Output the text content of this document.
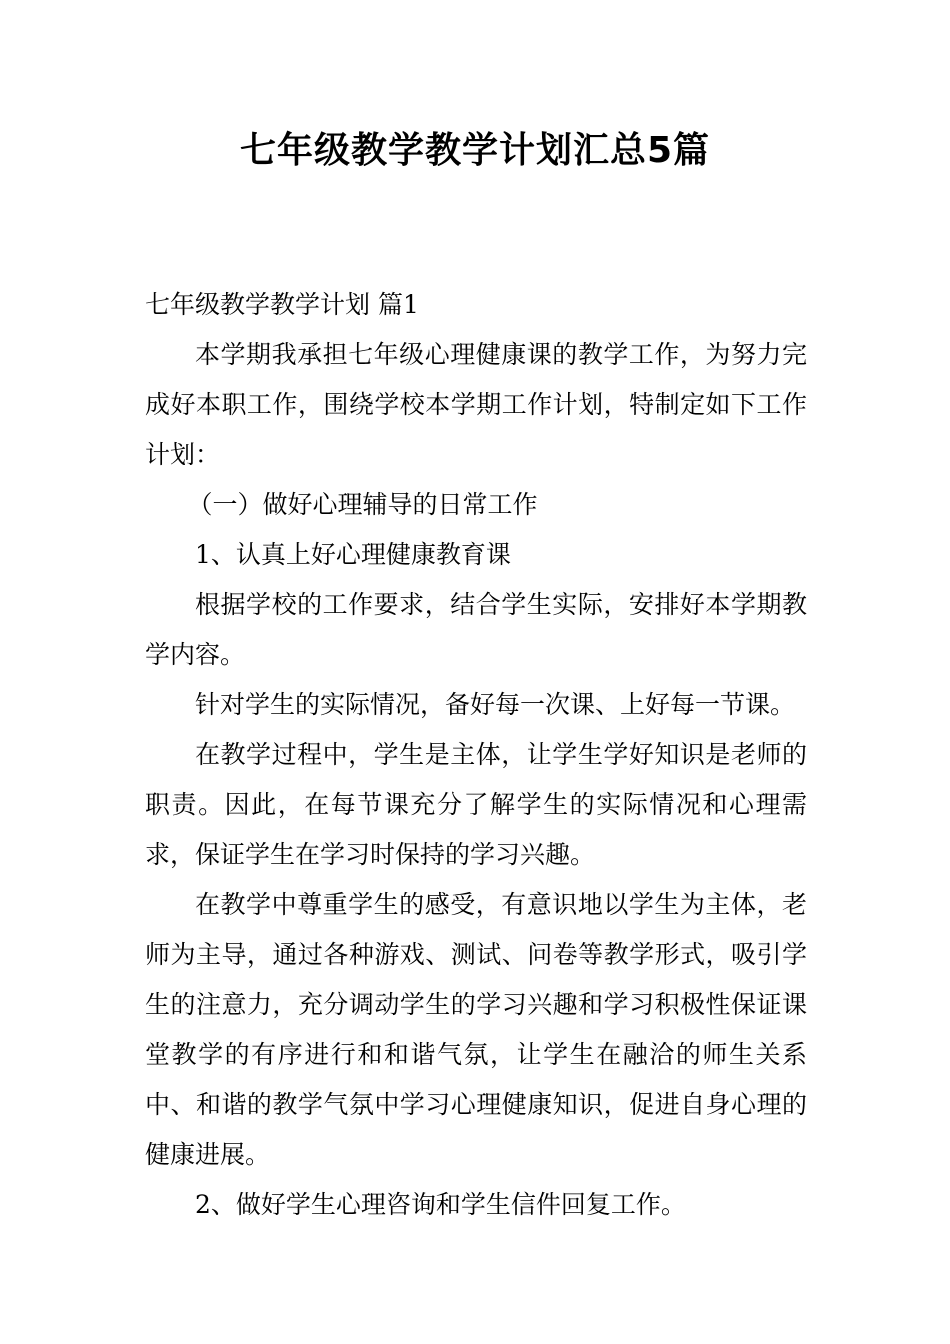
七年级教学教学计划汇总5篇

七年级教学教学计划 篇1

本学期我承担七年级心理健康课的教学工作，为努力完成好本职工作，围绕学校本学期工作计划，特制定如下工作计划：

（一）做好心理辅导的日常工作

1、认真上好心理健康教育课

根据学校的工作要求，结合学生实际，安排好本学期教学内容。

针对学生的实际情况，备好每一次课、上好每一节课。

在教学过程中，学生是主体，让学生学好知识是老师的职责。因此，在每节课充分了解学生的实际情况和心理需求，保证学生在学习时保持的学习兴趣。

在教学中尊重学生的感受，有意识地以学生为主体，老师为主导，通过各种游戏、测试、问卷等教学形式，吸引学生的注意力，充分调动学生的学习兴趣和学习积极性保证课堂教学的有序进行和和谐气氛，让学生在融洽的师生关系中、和谐的教学气氛中学习心理健康知识，促进自身心理的健康进展。

2、做好学生心理咨询和学生信件回复工作。
